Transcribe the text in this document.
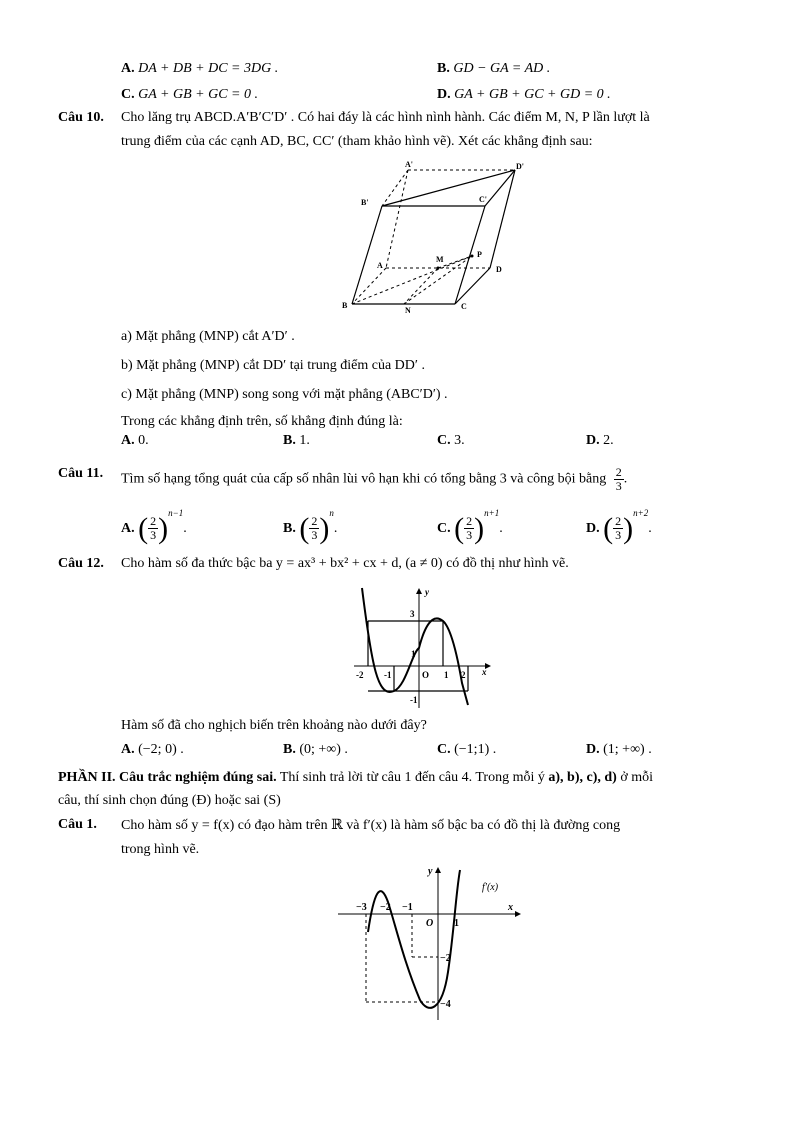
A. DA + DB + DC = 3DG .	B. GD − GA = AD .
C. GA + GB + GC = 0 .	D. GA + GB + GC + GD = 0 .
Câu 10. Cho lăng trụ ABCD.A′B′C′D′ . Có hai đáy là các hình nình hành. Các điểm M, N, P lần lượt là
trung điểm của các cạnh AD, BC, CC′ (tham khảo hình vẽ). Xét các khẳng định sau:
A'	D'
B'	C'
A
M
P
D
B
N	C
a) Mặt phẳng (MNP) cắt A′D′ .
b) Mặt phẳng (MNP) cắt DD′ tại trung điểm của DD′ .
c) Mặt phẳng (MNP) song song với mặt phẳng (ABC′D′) .
Trong các khẳng định trên, số khẳng định đúng là:
A. 0.	B. 1.	C. 3.	D. 2.
Câu 11. Tìm số hạng tổng quát của cấp số nhân lùi vô hạn khi có tổng bằng 3 và công bội bằng $\frac{2}{3}$ .
A. ( $\frac{2}{3} )^{n-1}$.	B. ( $\frac{2}{3} )^n$.	C. ( $\frac{2}{3} )^{n+1}$.	D. ( $\frac{2}{3} )^{n+2}$.
Câu 12. Cho hàm số đa thức bậc ba y = ax³ + bx² + cx + d, (a ≠ 0) có đồ thị như hình vẽ.
y
x
3
1
-2 -1	O 1 2
-1
Hàm số đã cho nghịch biến trên khoảng nào dưới đây?
A. (−2; 0) .	B. (0; +∞) .	C. (−1;1) .	D. (1; +∞) .
PHẦN II. Câu trắc nghiệm đúng sai. Thí sinh trả lời từ câu 1 đến câu 4. Trong mỗi ý a), b), c), d) ở mỗi
câu, thí sinh chọn đúng (Đ) hoặc sai (S)
Câu 1. Cho hàm số y = f(x) có đạo hàm trên ℝ và f′(x) là hàm số bậc ba có đồ thị là đường cong
trong hình vẽ.
y
x
f′(x)
−3 −2 −1
O 1
−2
−4
